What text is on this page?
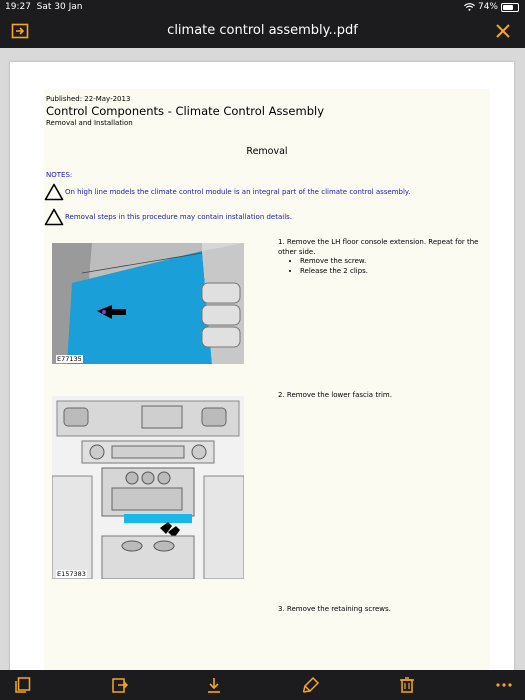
19:27 Sat 30 Jan	74%
climate control assembly..pdf
Published: 22-May-2013
Control Components - Climate Control Assembly
Removal and Installation
Removal
NOTES:
On high line models the climate control module is an integral part of the climate control assembly.
Removal steps in this procedure may contain installation details.
E77135
1. Remove the LH floor console extension. Repeat for the other side.
• Remove the screw.
• Release the 2 clips.
E157383
2. Remove the lower fascia trim.
3. Remove the retaining screws.
